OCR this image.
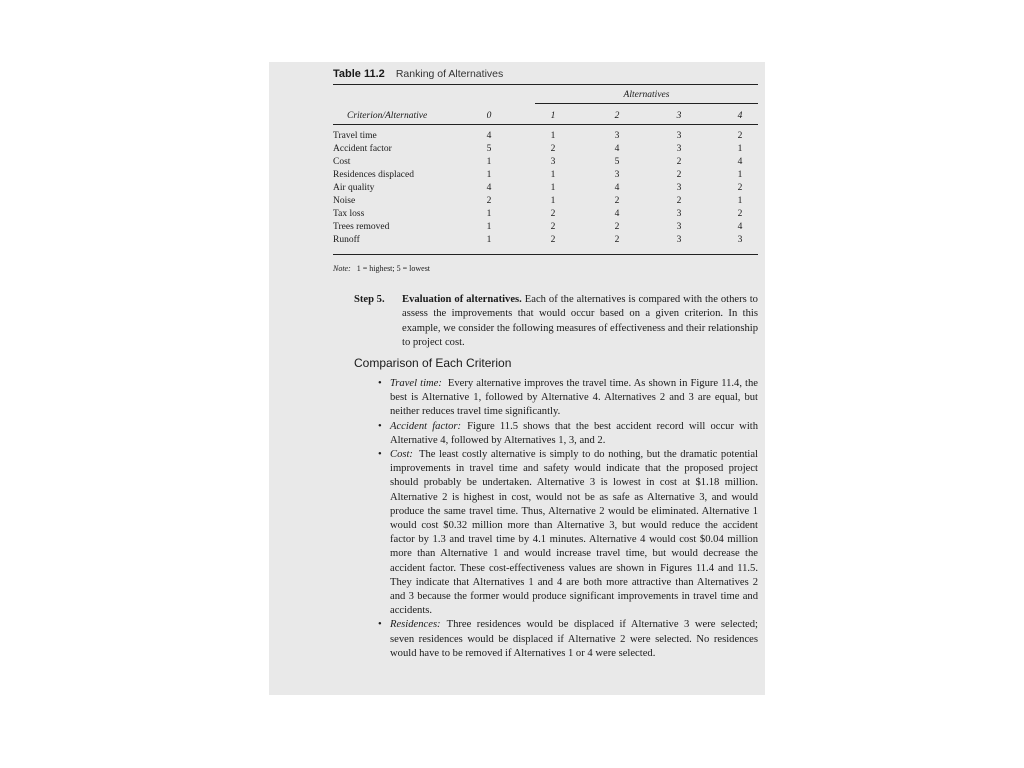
Table 11.2 Ranking of Alternatives
Alternatives
Criterion/Alternative	0	1	2	3	4
Travel time	4	1	3	3	2
Accident factor	5	2	4	3	1
Cost	1	3	5	2	4
Residences displaced	1	1	3	2	1
Air quality	4	1	4	3	2
Noise	2	1	2	2	1
Tax loss	1	2	4	3	2
Trees removed	1	2	2	3	4
Runoff	1	2	2	3	3
Note: 1 = highest; 5 = lowest
Step 5. Evaluation of alternatives. Each of the alternatives is compared with the others to assess the improvements that would occur based on a given criterion. In this example, we consider the following measures of effectiveness and their relationship to project cost.
Comparison of Each Criterion
• Travel time: Every alternative improves the travel time. As shown in Figure 11.4, the best is Alternative 1, followed by Alternative 4. Alternatives 2 and 3 are equal, but neither reduces travel time significantly.
• Accident factor: Figure 11.5 shows that the best accident record will occur with Alternative 4, followed by Alternatives 1, 3, and 2.
• Cost: The least costly alternative is simply to do nothing, but the dramatic potential improvements in travel time and safety would indicate that the proposed project should probably be undertaken. Alternative 3 is lowest in cost at $1.18 million. Alternative 2 is highest in cost, would not be as safe as Alternative 3, and would produce the same travel time. Thus, Alternative 2 would be eliminated. Alternative 1 would cost $0.32 million more than Alternative 3, but would reduce the accident factor by 1.3 and travel time by 4.1 minutes. Alternative 4 would cost $0.04 million more than Alternative 1 and would increase travel time, but would decrease the accident factor. These cost-effectiveness values are shown in Figures 11.4 and 11.5. They indicate that Alternatives 1 and 4 are both more attractive than Alternatives 2 and 3 because the former would produce significant improvements in travel time and accidents.
• Residences: Three residences would be displaced if Alternative 3 were selected; seven residences would be displaced if Alternative 2 were selected. No residences would have to be removed if Alternatives 1 or 4 were selected.
